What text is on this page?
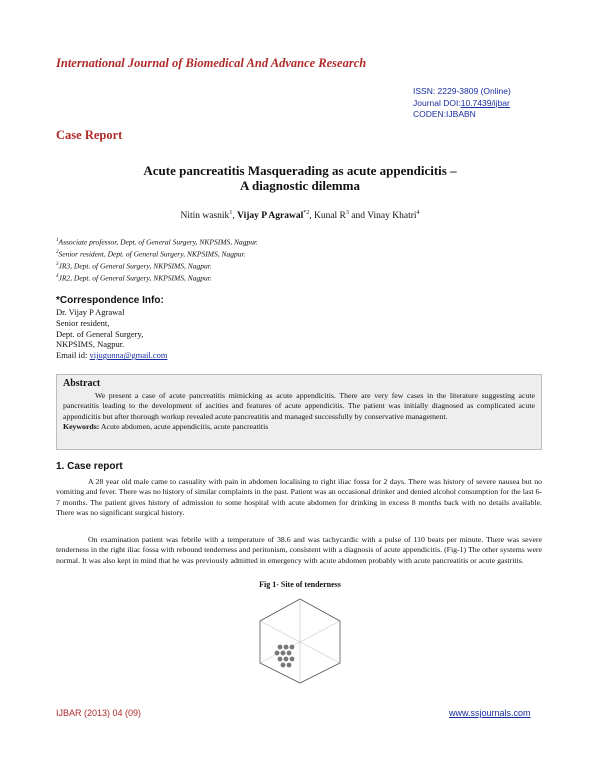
International Journal of Biomedical And Advance Research
ISSN: 2229-3809 (Online)
Journal DOI:10.7439/ijbar
CODEN:IJBABN
Case Report
Acute pancreatitis Masquerading as acute appendicitis –
A diagnostic dilemma
Nitin wasnik$^1$, Vijay P Agrawal$^{*2}$, Kunal $R^3$ and Vinay Khatri$^4$
$^1$Associate professor, Dept. of General Surgery, NKPSIMS, Nagpur.
$^2$Senior resident, Dept. of General Surgery, NKPSIMS, Nagpur.
$^3$JR3, Dept. of General Surgery, NKPSIMS, Nagpur.
$^4$JR2, Dept. of General Surgery, NKPSIMS, Nagpur.
*Correspondence Info:
Dr. Vijay P Agrawal
Senior resident,
Dept. of General Surgery,
NKPSIMS, Nagpur.
Email id: vijugunna@gmail.com
Abstract
We present a case of acute pancreatitis mimicking as acute appendicitis. There are very few cases in the literature suggesting acute pancreatitis leading to the development of ascities and features of acute appendicitis. The patient was initially diagnosed as complicated acute appendicitis but after thorough workup revealed acute pancreatitis and managed successfully by conservative management.
Keywords: Acute abdomen, acute appendicitis, acute pancreatitis
1. Case report
A 28 year old male came to casuality with pain in abdomen localising to right iliac fossa for 2 days. There was history of severe nausea but no vomiting and fever. There was no history of similar complaints in the past. Patient was an occasional drinker and denied alcohol consumption for the last 6-7 months. The patient gives history of admission to some hospital with acute abdomen for drinking in excess 8 months back with no details available. There was no significant surgical history.
On examination patient was febrile with a temperature of 38.6 and was tachycardic with a pulse of 110 beats per minute. There was severe tenderness in the right iliac fossa with rebound tenderness and peritonism, consistent with a diagnosis of acute appendicitis. (Fig-1) The other systems were normal. It was also kept in mind that he was previously admitted in emergency with acute abdomen probably with acute pancreatitis or acute gastritis.
Fig 1- Site of tenderness
IJBAR (2013) 04 (09)	www.ssjournals.com
